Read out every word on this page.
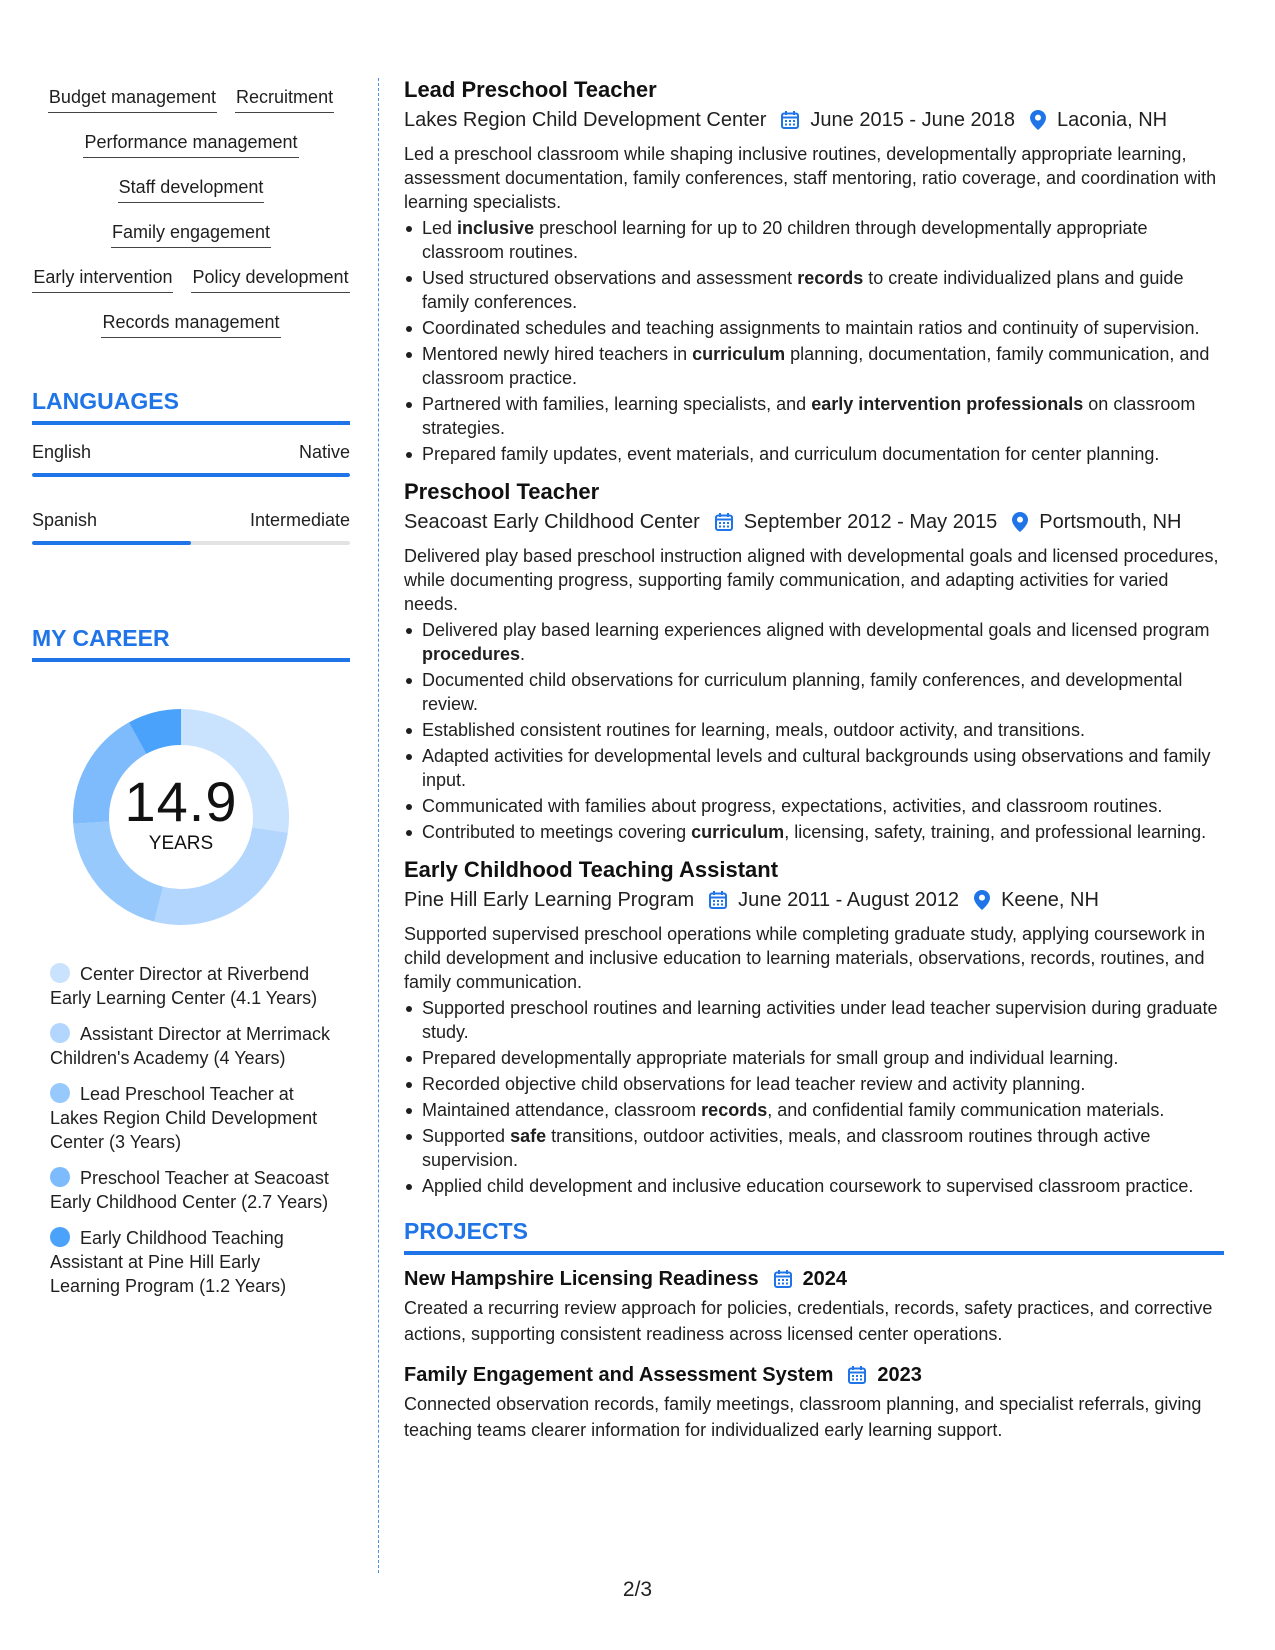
Budget management Recruitment
Performance management
Staff development
Family engagement
Early intervention Policy development
Records management
LANGUAGES
English	Native
Spanish	Intermediate
MY CAREER
14.9
YEARS
Center Director at Riverbend Early Learning Center (4.1 Years)
Assistant Director at Merrimack Children's Academy (4 Years)
Lead Preschool Teacher at Lakes Region Child Development Center (3 Years)
Preschool Teacher at Seacoast Early Childhood Center (2.7 Years)
Early Childhood Teaching Assistant at Pine Hill Early Learning Program (1.2 Years)
Lead Preschool Teacher
Lakes Region Child Development Center June 2015 - June 2018 Laconia, NH

Led a preschool classroom while shaping inclusive routines, developmentally appropriate learning, assessment documentation, family conferences, staff mentoring, ratio coverage, and coordination with learning specialists.

Led inclusive preschool learning for up to 20 children through developmentally appropriate classroom routines.
Used structured observations and assessment records to create individualized plans and guide family conferences.
Coordinated schedules and teaching assignments to maintain ratios and continuity of supervision.
Mentored newly hired teachers in curriculum planning, documentation, family communication, and classroom practice.
Partnered with families, learning specialists, and early intervention professionals on classroom strategies.
Prepared family updates, event materials, and curriculum documentation for center planning.
Preschool Teacher
Seacoast Early Childhood Center September 2012 - May 2015 Portsmouth, NH

Delivered play based preschool instruction aligned with developmental goals and licensed procedures, while documenting progress, supporting family communication, and adapting activities for varied needs.

Delivered play based learning experiences aligned with developmental goals and licensed program procedures.
Documented child observations for curriculum planning, family conferences, and developmental review.
Established consistent routines for learning, meals, outdoor activity, and transitions.
Adapted activities for developmental levels and cultural backgrounds using observations and family input.
Communicated with families about progress, expectations, activities, and classroom routines.
Contributed to meetings covering curriculum, licensing, safety, training, and professional learning.
Early Childhood Teaching Assistant
Pine Hill Early Learning Program June 2011 - August 2012 Keene, NH

Supported supervised preschool operations while completing graduate study, applying coursework in child development and inclusive education to learning materials, observations, records, routines, and family communication.

Supported preschool routines and learning activities under lead teacher supervision during graduate study.
Prepared developmentally appropriate materials for small group and individual learning.
Recorded objective child observations for lead teacher review and activity planning.
Maintained attendance, classroom records, and confidential family communication materials.
Supported safe transitions, outdoor activities, meals, and classroom routines through active supervision.
Applied child development and inclusive education coursework to supervised classroom practice.
PROJECTS
New Hampshire Licensing Readiness 2024

Created a recurring review approach for policies, credentials, records, safety practices, and corrective actions, supporting consistent readiness across licensed center operations.

Family Engagement and Assessment System 2023

Connected observation records, family meetings, classroom planning, and specialist referrals, giving teaching teams clearer information for individualized early learning support.

2/3
